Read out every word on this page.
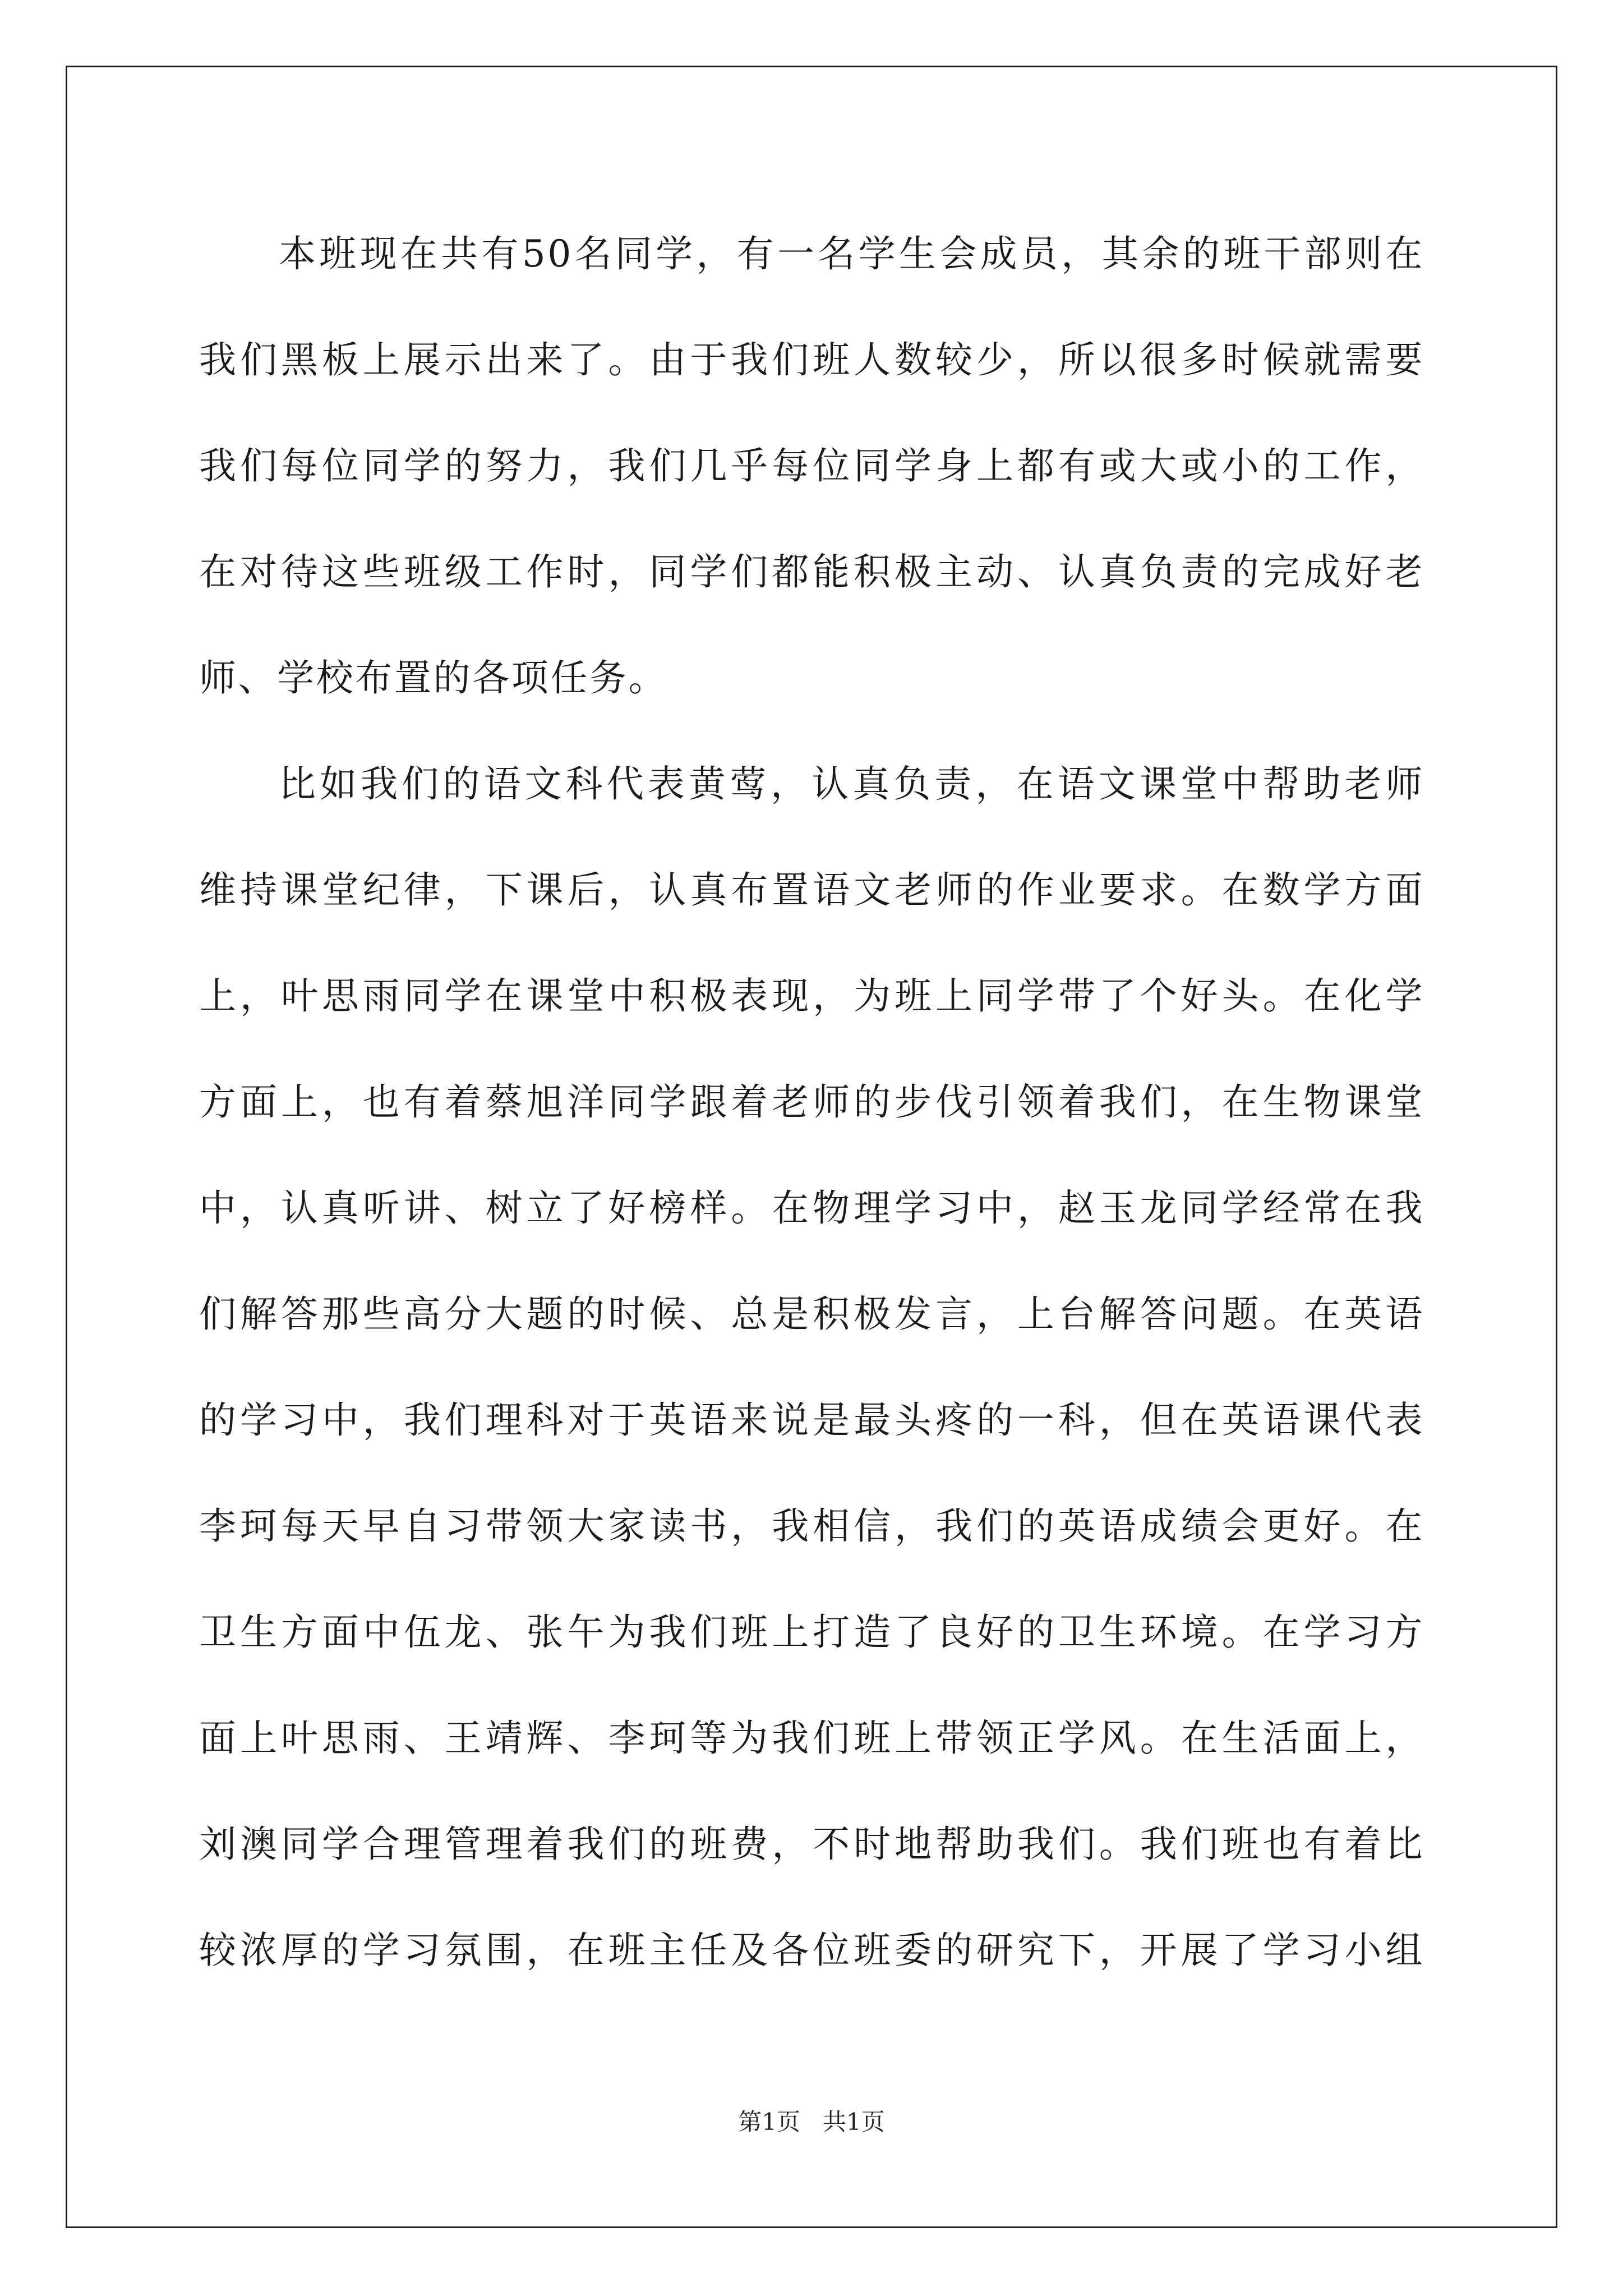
本班现在共有50名同学，有一名学生会成员，其余的班干部则在
我们黑板上展示出来了。由于我们班人数较少，所以很多时候就需要
我们每位同学的努力，我们几乎每位同学身上都有或大或小的工作，
在对待这些班级工作时，同学们都能积极主动、认真负责的完成好老
师、学校布置的各项任务。
比如我们的语文科代表黄莺，认真负责，在语文课堂中帮助老师
维持课堂纪律，下课后，认真布置语文老师的作业要求。在数学方面
上，叶思雨同学在课堂中积极表现，为班上同学带了个好头。在化学
方面上，也有着蔡旭洋同学跟着老师的步伐引领着我们，在生物课堂
中，认真听讲、树立了好榜样。在物理学习中，赵玉龙同学经常在我
们解答那些高分大题的时候、总是积极发言，上台解答问题。在英语
的学习中，我们理科对于英语来说是最头疼的一科，但在英语课代表
李珂每天早自习带领大家读书，我相信，我们的英语成绩会更好。在
卫生方面中伍龙、张午为我们班上打造了良好的卫生环境。在学习方
面上叶思雨、王靖辉、李珂等为我们班上带领正学风。在生活面上，
刘澳同学合理管理着我们的班费，不时地帮助我们。我们班也有着比
较浓厚的学习氛围，在班主任及各位班委的研究下，开展了学习小组
第1页   共1页
